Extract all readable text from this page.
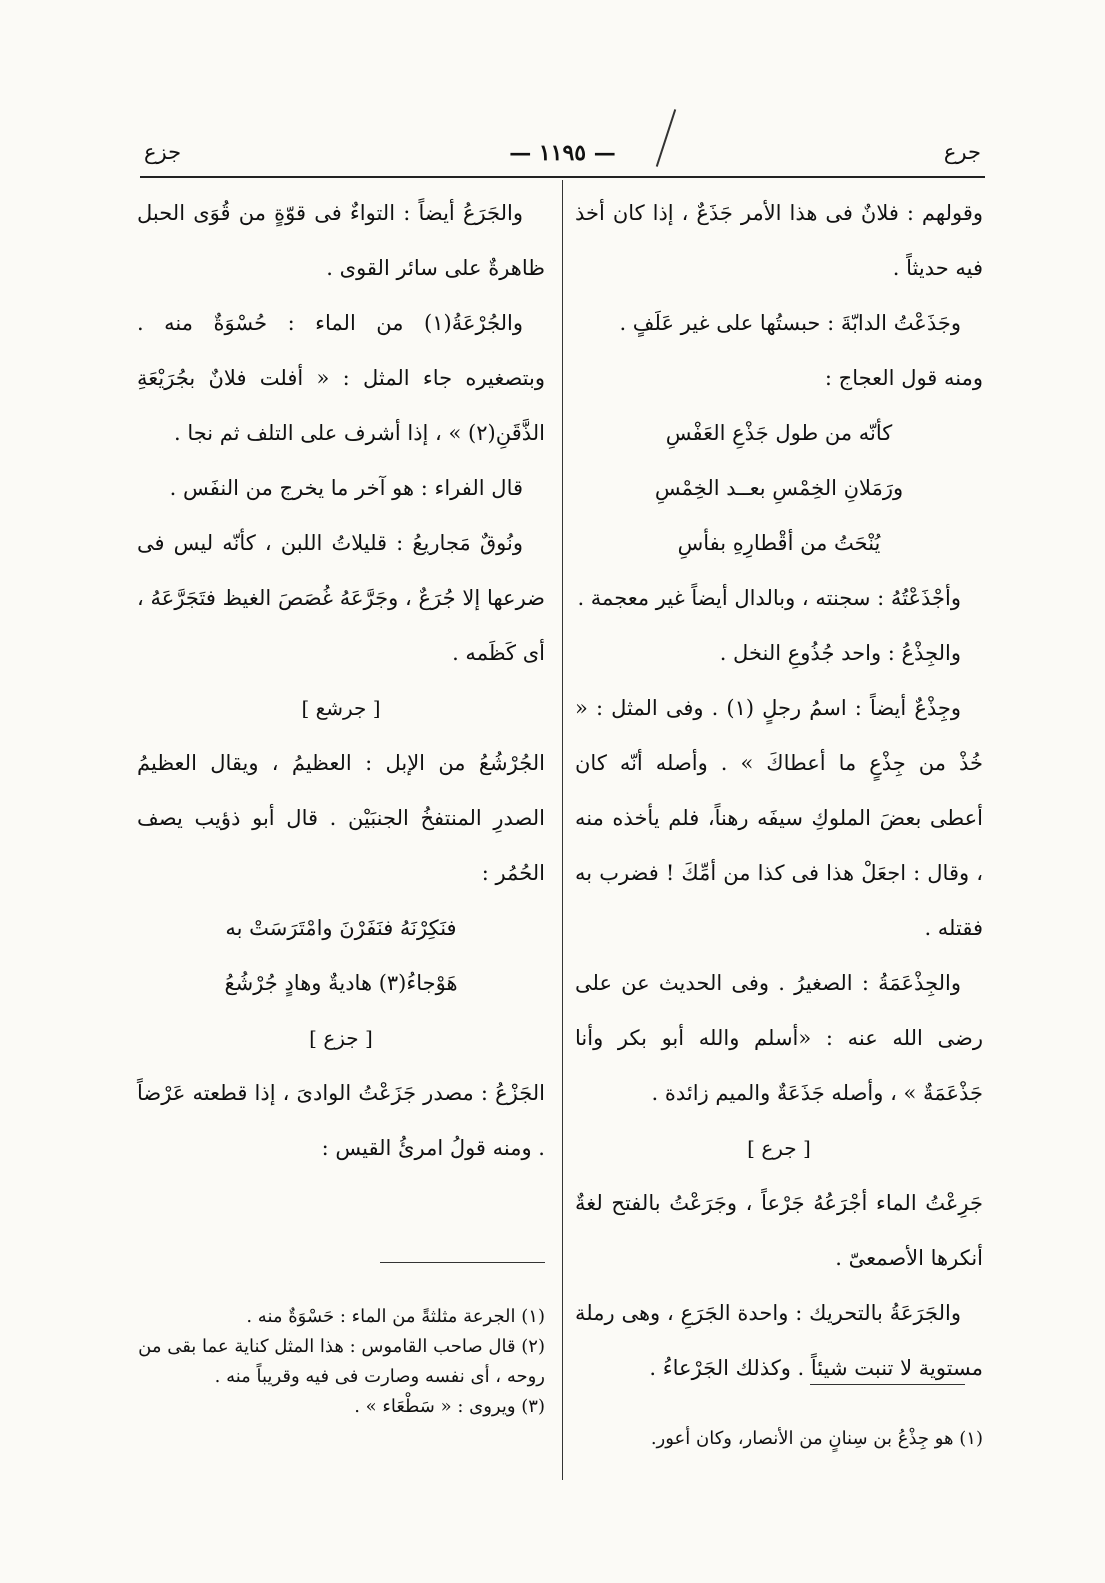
جرع
— ١١٩٥ —
جزع

وقولهم : فلانٌ فى هذا الأمر جَذَعٌ ، إذا كان أخذ فيه حديثاً .

وجَذَعْتُ الدابّةَ : حبستُها على غير عَلَفٍ .

ومنه قول العجاج :

كأنّه من طول جَذْعِ العَفْسِ

ورَمَلانِ الخِمْسِ بعــد الخِمْسِ

يُنْحَتُ من أقْطارِهِ بفأسِ

وأجْذَعْتُهُ : سجنته ، وبالدال أيضاً غير معجمة .

والجِذْعُ : واحد جُذُوعِ النخل .

وجِذْعٌ أيضاً : اسمُ رجلٍ (١) . وفى المثل : « خُذْ من جِذْعٍ ما أعطاكَ » . وأصله أنّه كان أعطى بعضَ الملوكِ سيفَه رهناً، فلم يأخذه منه ، وقال : اجعَلْ هذا فى كذا من أمِّكَ ! فضرب به فقتله .

والجِذْعَمَةُ : الصغيرُ . وفى الحديث عن على رضى الله عنه : «أسلم والله أبو بكر وأنا جَذْعَمَةٌ » ، وأصله جَذَعَةٌ والميم زائدة .

[ جرع ]

جَرِعْتُ الماء أجْرَعُهُ جَرْعاً ، وجَرَعْتُ بالفتح لغةٌ أنكرها الأصمعىّ .

والجَرَعَةُ بالتحريك : واحدة الجَرَعِ ، وهى رملة مستوية لا تنبت شيئاً . وكذلك الجَرْعاءُ .

والجَرَعُ أيضاً : التواءٌ فى قوّةٍ من قُوَى الحبل ظاهرةٌ على سائر القوى .

والجُرْعَةُ(١) من الماء : حُسْوَةٌ منه . وبتصغيره جاء المثل : « أفلت فلانٌ بجُرَيْعَةِ الذَّقَنِ(٢) » ، إذا أشرف على التلف ثم نجا .

قال الفراء : هو آخر ما يخرج من النفَس .

ونُوقٌ مَجاريعُ : قليلاتُ اللبن ، كأنّه ليس فى ضرعها إلا جُرَعٌ ، وجَرَّعَهُ غُصَصَ الغيظ فتَجَرَّعَهُ ، أى كَظَمه .

[ جرشع ]

الجُرْشُعُ من الإبل : العظيمُ ، ويقال العظيمُ الصدرِ المنتفخُ الجنبَيْن . قال أبو ذؤيب يصف الحُمُر :

فنَكِرْنَهُ فنَفَرْنَ وامْتَرَسَتْ به

هَوْجاءُ(٣) هاديةٌ وهادٍ جُرْشُعُ

[ جزع ]

الجَزْعُ : مصدر جَزَعْتُ الوادىَ ، إذا قطعته عَرْضاً . ومنه قولُ امرئُ القيس :

(١) الجرعة مثلثةً من الماء : حَسْوَةٌ منه .

(٢) قال صاحب القاموس : هذا المثل كناية عما بقى من روحه ، أى نفسه وصارت فى فيه وقريباً منه .

(٣) ويروى : « سَطْعَاء » .

(١) هو جِذْعُ بن سِنانٍ من الأنصار، وكان أعور.
